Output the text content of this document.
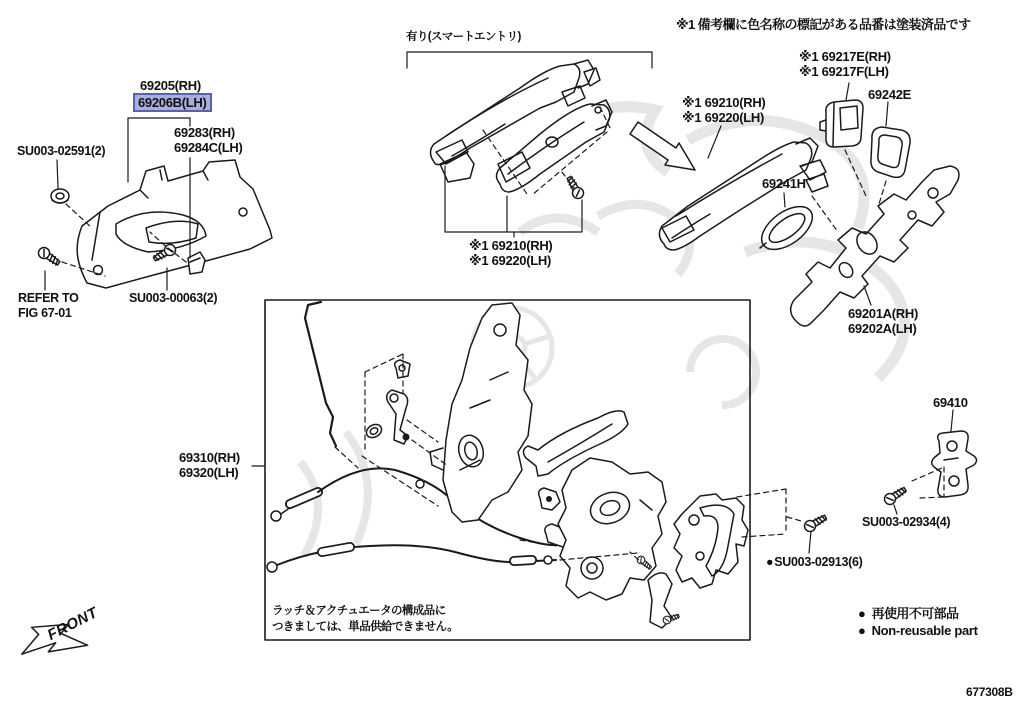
69205(RH)
69206B(LH)
69283(RH)
69284C(LH)
SU003-02591(2)
REFER TO
FIG 67-01
SU003-00063(2)
有り(スマートエントリ)
※1 69210(RH)
※1 69220(LH)
※1 備考欄に色名称の標記がある品番は塗装済品です
※1 69217E(RH)
※1 69217F(LH)
69242E
※1 69210(RH)
※1 69220(LH)
69241H
69201A(RH)
69202A(LH)
69310(RH)
69320(LH)
69410
SU003-02934(4)
● SU003-02913(6)
● 再使用不可部品
● Non-reusable part
ラッチ＆アクチュエータの構成品に
つきましては、単品供給できません。
FRONT
677308B
